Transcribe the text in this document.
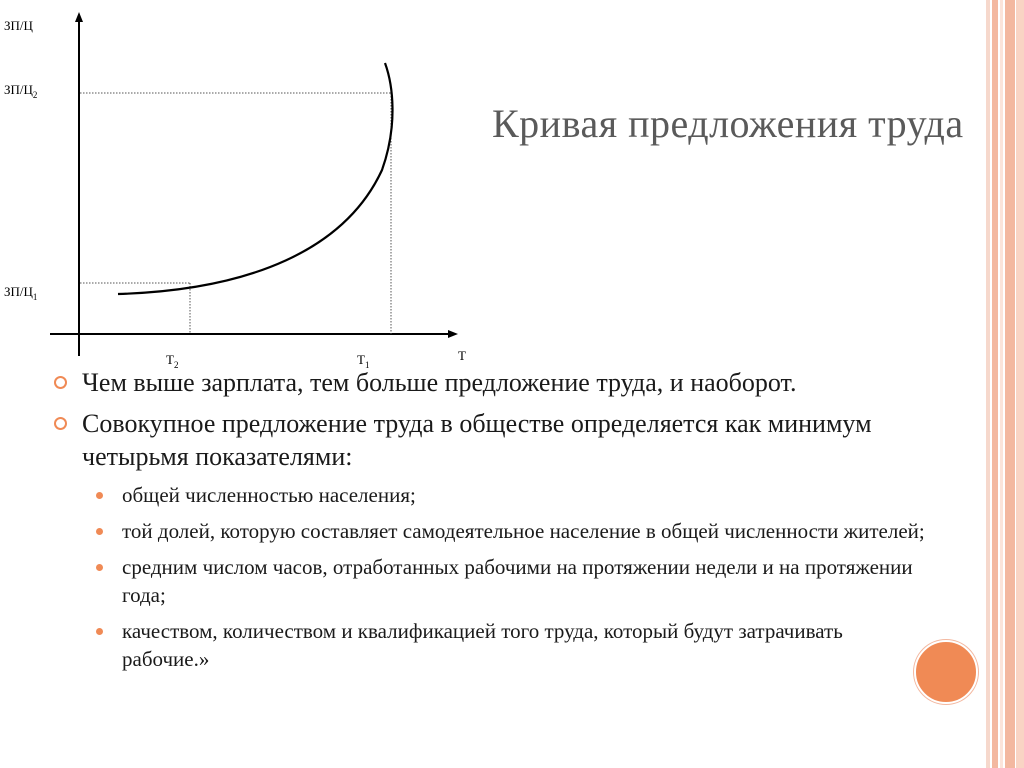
ЗП/Ц
$ЗП/Ц_2$
$ЗП/Ц_1$
$Т_2$	$Т_1$
Т
Кривая предложения труда
Чем выше зарплата, тем больше предложение труда, и наоборот.
Совокупное предложение труда в обществе определяется как минимум четырьмя показателями:
общей численностью населения;
той долей, которую составляет самодеятельное население в общей численности жителей;
средним числом часов, отработанных рабочими на протяжении недели и на протяжении года;
качеством, количеством и квалификацией того труда, который будут затрачивать рабочие.»
